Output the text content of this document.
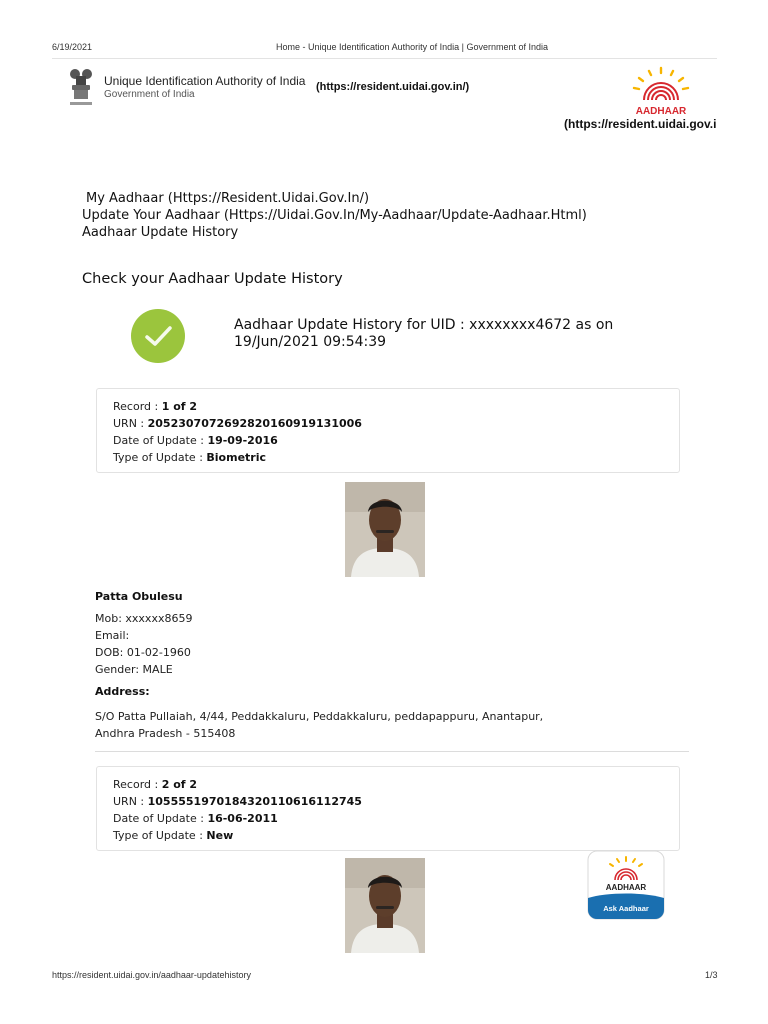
6/19/2021	Home - Unique Identification Authority of India | Government of India
Unique Identification Authority of India
Government of India
(https://resident.uidai.gov.in/)
AADHAAR
(https://resident.uidai.gov.i
My Aadhaar (Https://Resident.Uidai.Gov.In/)
Update Your Aadhaar (Https://Uidai.Gov.In/My-Aadhaar/Update-Aadhaar.Html)
Aadhaar Update History
Check your Aadhaar Update History
Aadhaar Update History for UID : xxxxxxxx4672 as on 19/Jun/2021 09:54:39
Record : 1 of 2
URN : 2052307072692820160919131006
Date of Update : 19-09-2016
Type of Update : Biometric
Patta Obulesu
Mob: xxxxxx8659
Email:
DOB: 01-02-1960
Gender: MALE
Address:
S/O Patta Pullaiah, 4/44, Peddakkaluru, Peddakkaluru, peddapappuru, Anantapur,
Andhra Pradesh - 515408
Record : 2 of 2
URN : 1055551970184320110616112745
Date of Update : 16-06-2011
Type of Update : New
AADHAAR
Ask Aadhaar
https://resident.uidai.gov.in/aadhaar-updatehistory	1/3
